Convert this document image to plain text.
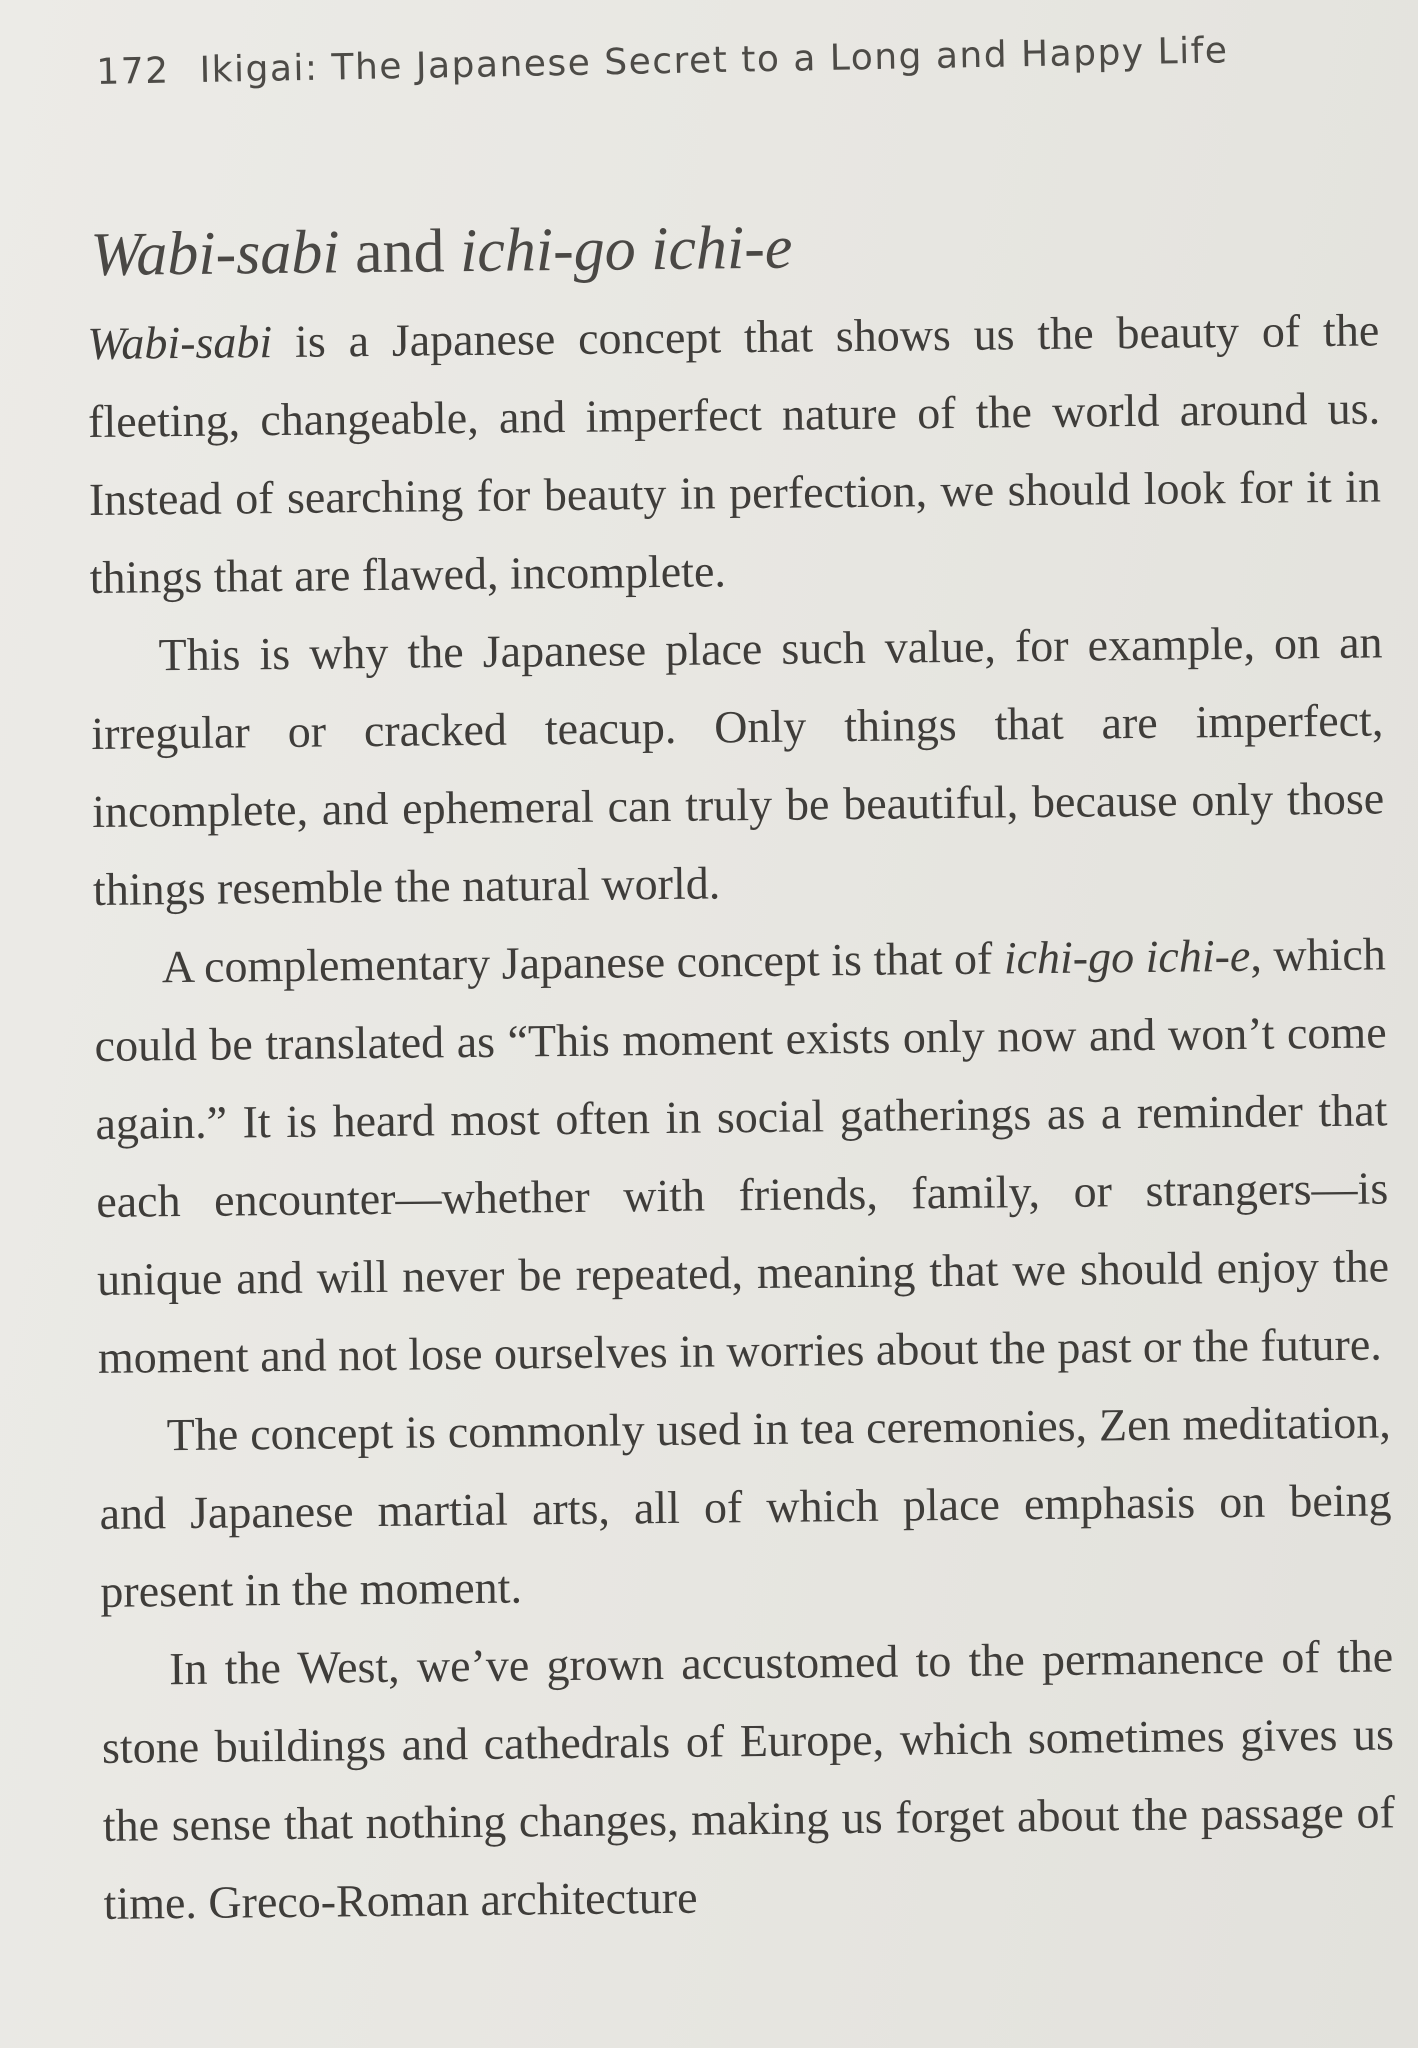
172 Ikigai: The Japanese Secret to a Long and Happy Life
Wabi-sabi and ichi-go ichi-e

Wabi-sabi is a Japanese concept that shows us the beauty of the fleeting, changeable, and imperfect nature of the world around us. Instead of searching for beauty in perfection, we should look for it in things that are flawed, incomplete.

This is why the Japanese place such value, for example, on an irregular or cracked teacup. Only things that are imperfect, incomplete, and ephemeral can truly be beautiful, because only those things resemble the natural world.

A complementary Japanese concept is that of ichi-go ichi-e, which could be translated as “This moment exists only now and won’t come again.” It is heard most often in social gatherings as a reminder that each encounter—whether with friends, family, or strangers—is unique and will never be repeated, meaning that we should enjoy the moment and not lose ourselves in worries about the past or the future.

The concept is commonly used in tea ceremonies, Zen meditation, and Japanese martial arts, all of which place emphasis on being present in the moment.

In the West, we’ve grown accustomed to the permanence of the stone buildings and cathedrals of Europe, which sometimes gives us the sense that nothing changes, making us forget about the passage of time. Greco-Roman architecture
